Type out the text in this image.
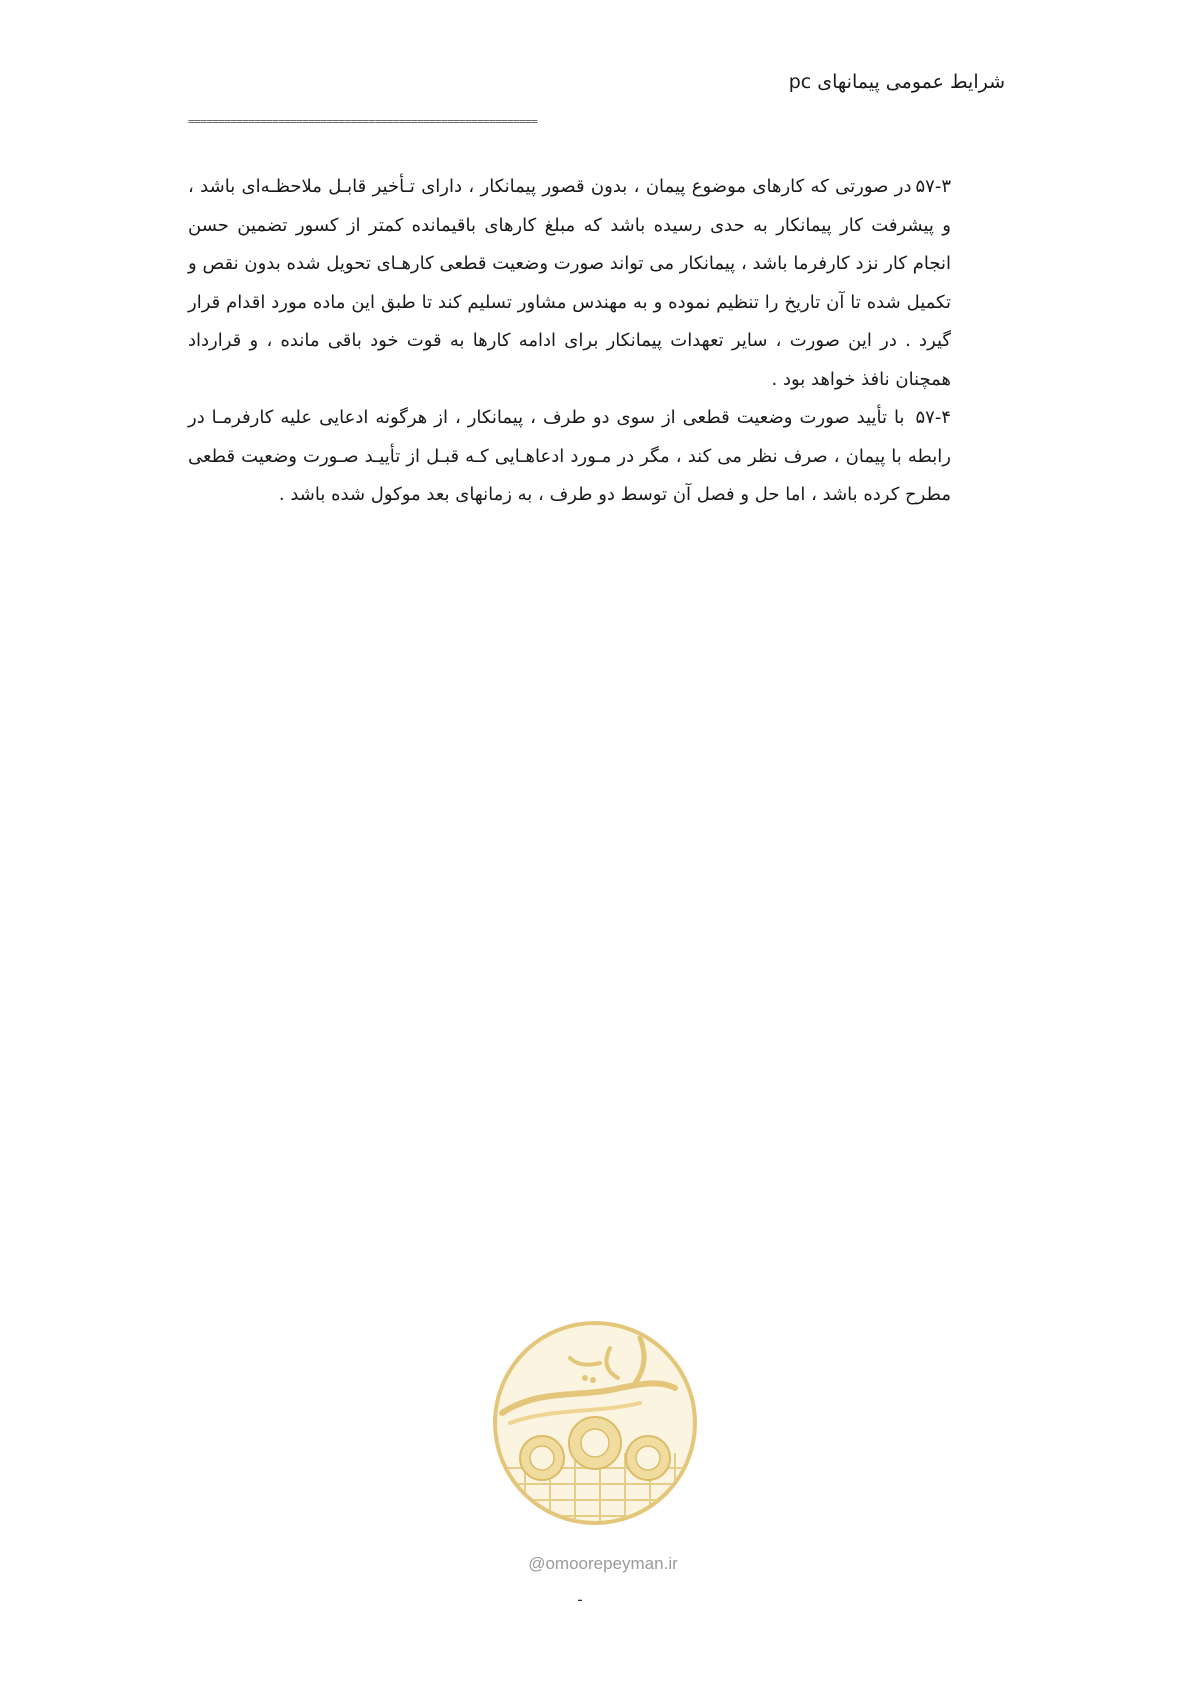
شرایط عمومی پیمانهای pc
==========================================================

۵۷-۳در صورتی که کارهای موضوع پیمان ، بدون قصور پیمانکار ، دارای تـأخیر قابـل ملاحظـه‌ای باشد ، و پیشرفت کار پیمانکار به حدی رسیده باشد که مبلغ کارهای باقیمانده کمتر از کسور تضمین حسن انجام کار نزد کارفرما باشد ، پیمانکار می تواند صورت وضعیت قطعی کارهـای تحویل شده بدون نقص و تکمیل شده تا آن تاریخ را تنظیم نموده و به مهندس مشاور تسلیم کند تا طبق این ماده مورد اقدام قرار گیرد . در این صورت ، سایر تعهدات پیمانکار برای ادامه کارها به قوت خود باقی مانده ، و قرارداد همچنان نافذ خواهد بود .

۵۷-۴ با تأیید صورت وضعیت قطعی از سوی دو طرف ، پیمانکار ، از هرگونه ادعایی علیه کارفرمـا در رابطه با پیمان ، صرف نظر می کند ، مگر در مـورد ادعاهـایی کـه قبـل از تأییـد صـورت وضعیت قطعی مطرح کرده باشد ، اما حل و فصل آن توسط دو طرف ، به زمانهای بعد موکول شده باشد .

@omoorepeyman.ir
-
